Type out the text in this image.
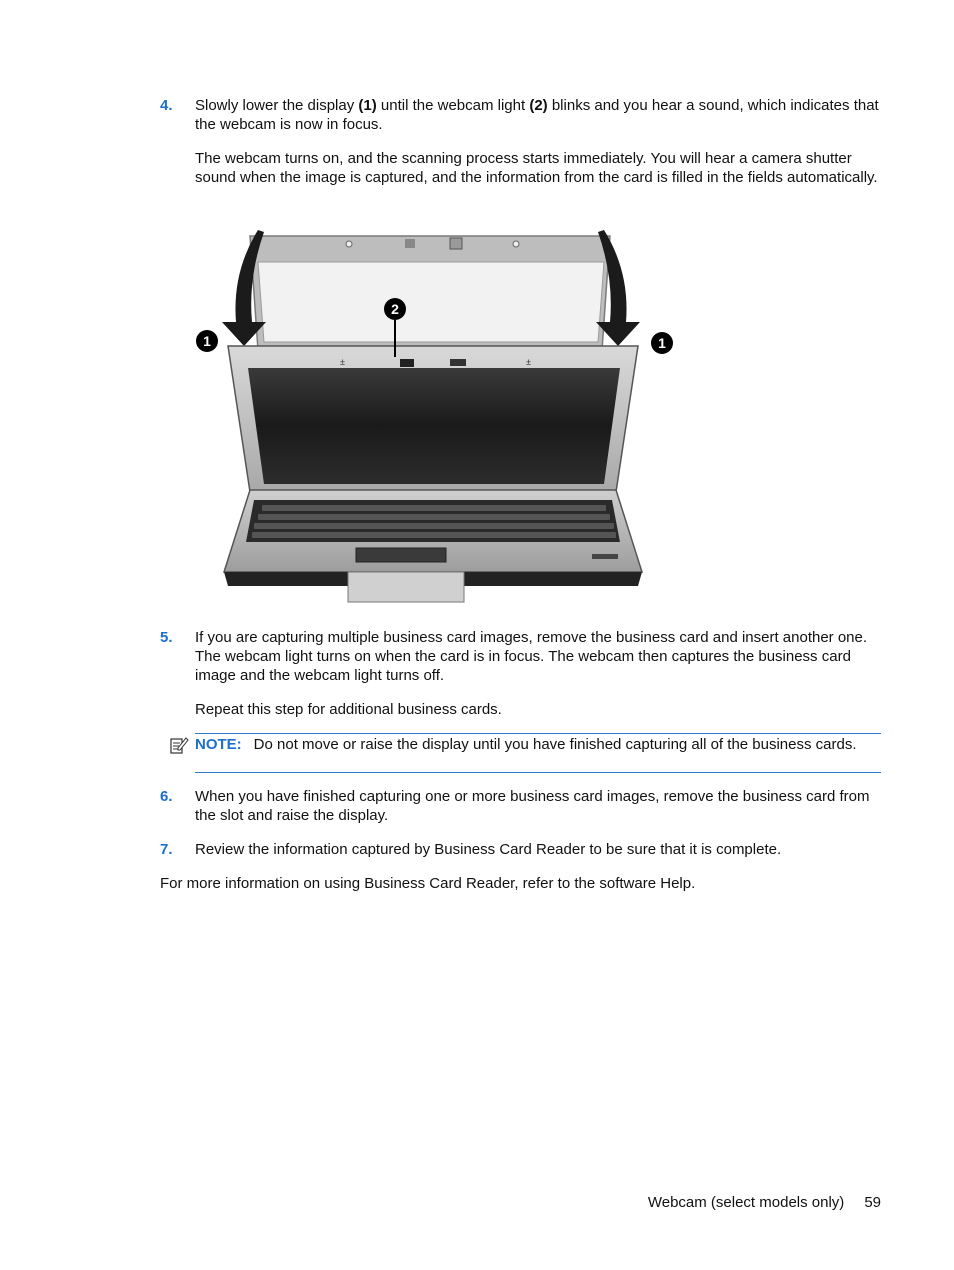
4. Slowly lower the display (1) until the webcam light (2) blinks and you hear a sound, which indicates that the webcam is now in focus.
The webcam turns on, and the scanning process starts immediately. You will hear a camera shutter sound when the image is captured, and the information from the card is filled in the fields automatically.
±	±
1
2
1
5. If you are capturing multiple business card images, remove the business card and insert another one. The webcam light turns on when the card is in focus. The webcam then captures the business card image and the webcam light turns off.
Repeat this step for additional business cards.
NOTE: Do not move or raise the display until you have finished capturing all of the business cards.
6. When you have finished capturing one or more business card images, remove the business card from the slot and raise the display.
7. Review the information captured by Business Card Reader to be sure that it is complete.
For more information on using Business Card Reader, refer to the software Help.
Webcam (select models only) 59
